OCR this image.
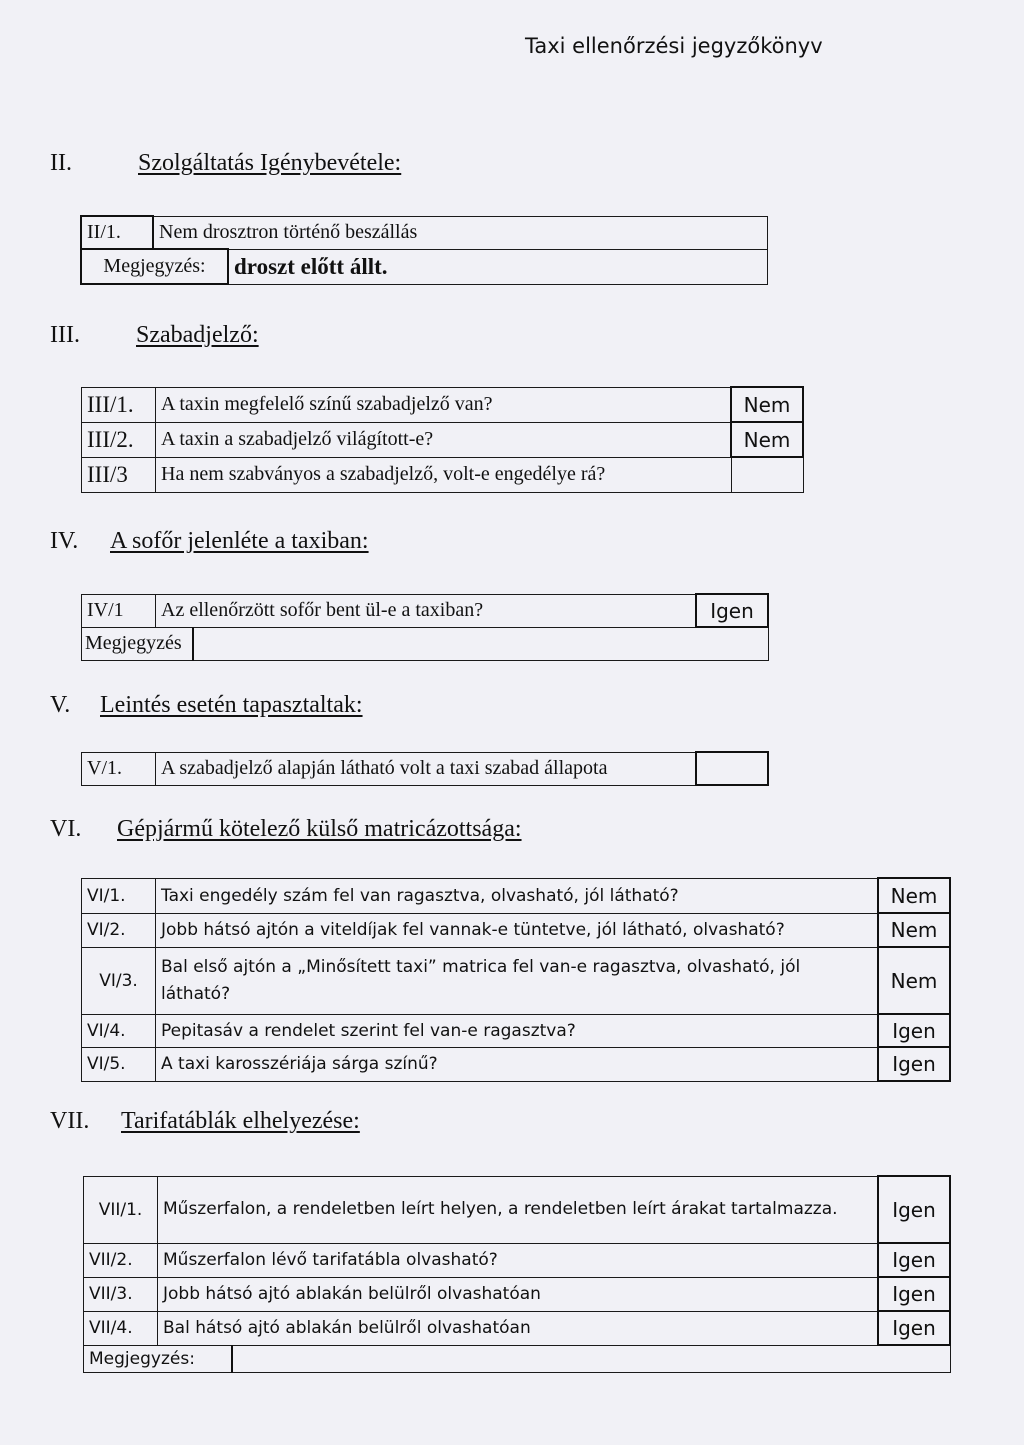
Taxi ellenőrzési jegyzőkönyv
II.	Szolgáltatás Igénybevétele:
II/1.	Nem drosztron történő beszállás	
Megjegyzés:		droszt előtt állt.
III. Szabadjelző:
III/1.	A taxin megfelelő színű szabadjelző van?	Nem
III/2.	A taxin a szabadjelző világított-e?	Nem
III/3	Ha nem szabványos a szabadjelző, volt-e engedélye rá?	
IV. A sofőr jelenléte a taxiban:
IV/1	Az ellenőrzött sofőr bent ül-e a taxiban?		Igen
Megjegyzés			
V. Leintés esetén tapasztaltak:
V/1.	A szabadjelző alapján látható volt a taxi szabad állapota	
VI. Gépjármű kötelező külső matricázottsága:
VI/1.	Taxi engedély szám fel van ragasztva, olvasható, jól látható?	Nem
VI/2.	Jobb hátsó ajtón a viteldíjak fel vannak-e tüntetve, jól látható, olvasható?	Nem
VI/3.	Bal első ajtón a „Minősített taxi” matrica fel van-e ragasztva, olvasható, jól látható?	Nem
VI/4.	Pepitasáv a rendelet szerint fel van-e ragasztva?	Igen
VI/5.	A taxi karosszériája sárga színű?	Igen
VII. Tarifatáblák elhelyezése:
VII/1.	Műszerfalon, a rendeletben leírt helyen, a rendeletben leírt árakat tartalmazza.		Igen
VII/2.	Műszerfalon lévő tarifatábla olvasható?		Igen
VII/3.	Jobb hátsó ajtó ablakán belülről olvashatóan		Igen
VII/4.	Bal hátsó ajtó ablakán belülről olvashatóan		Igen
Megjegyzés:			
